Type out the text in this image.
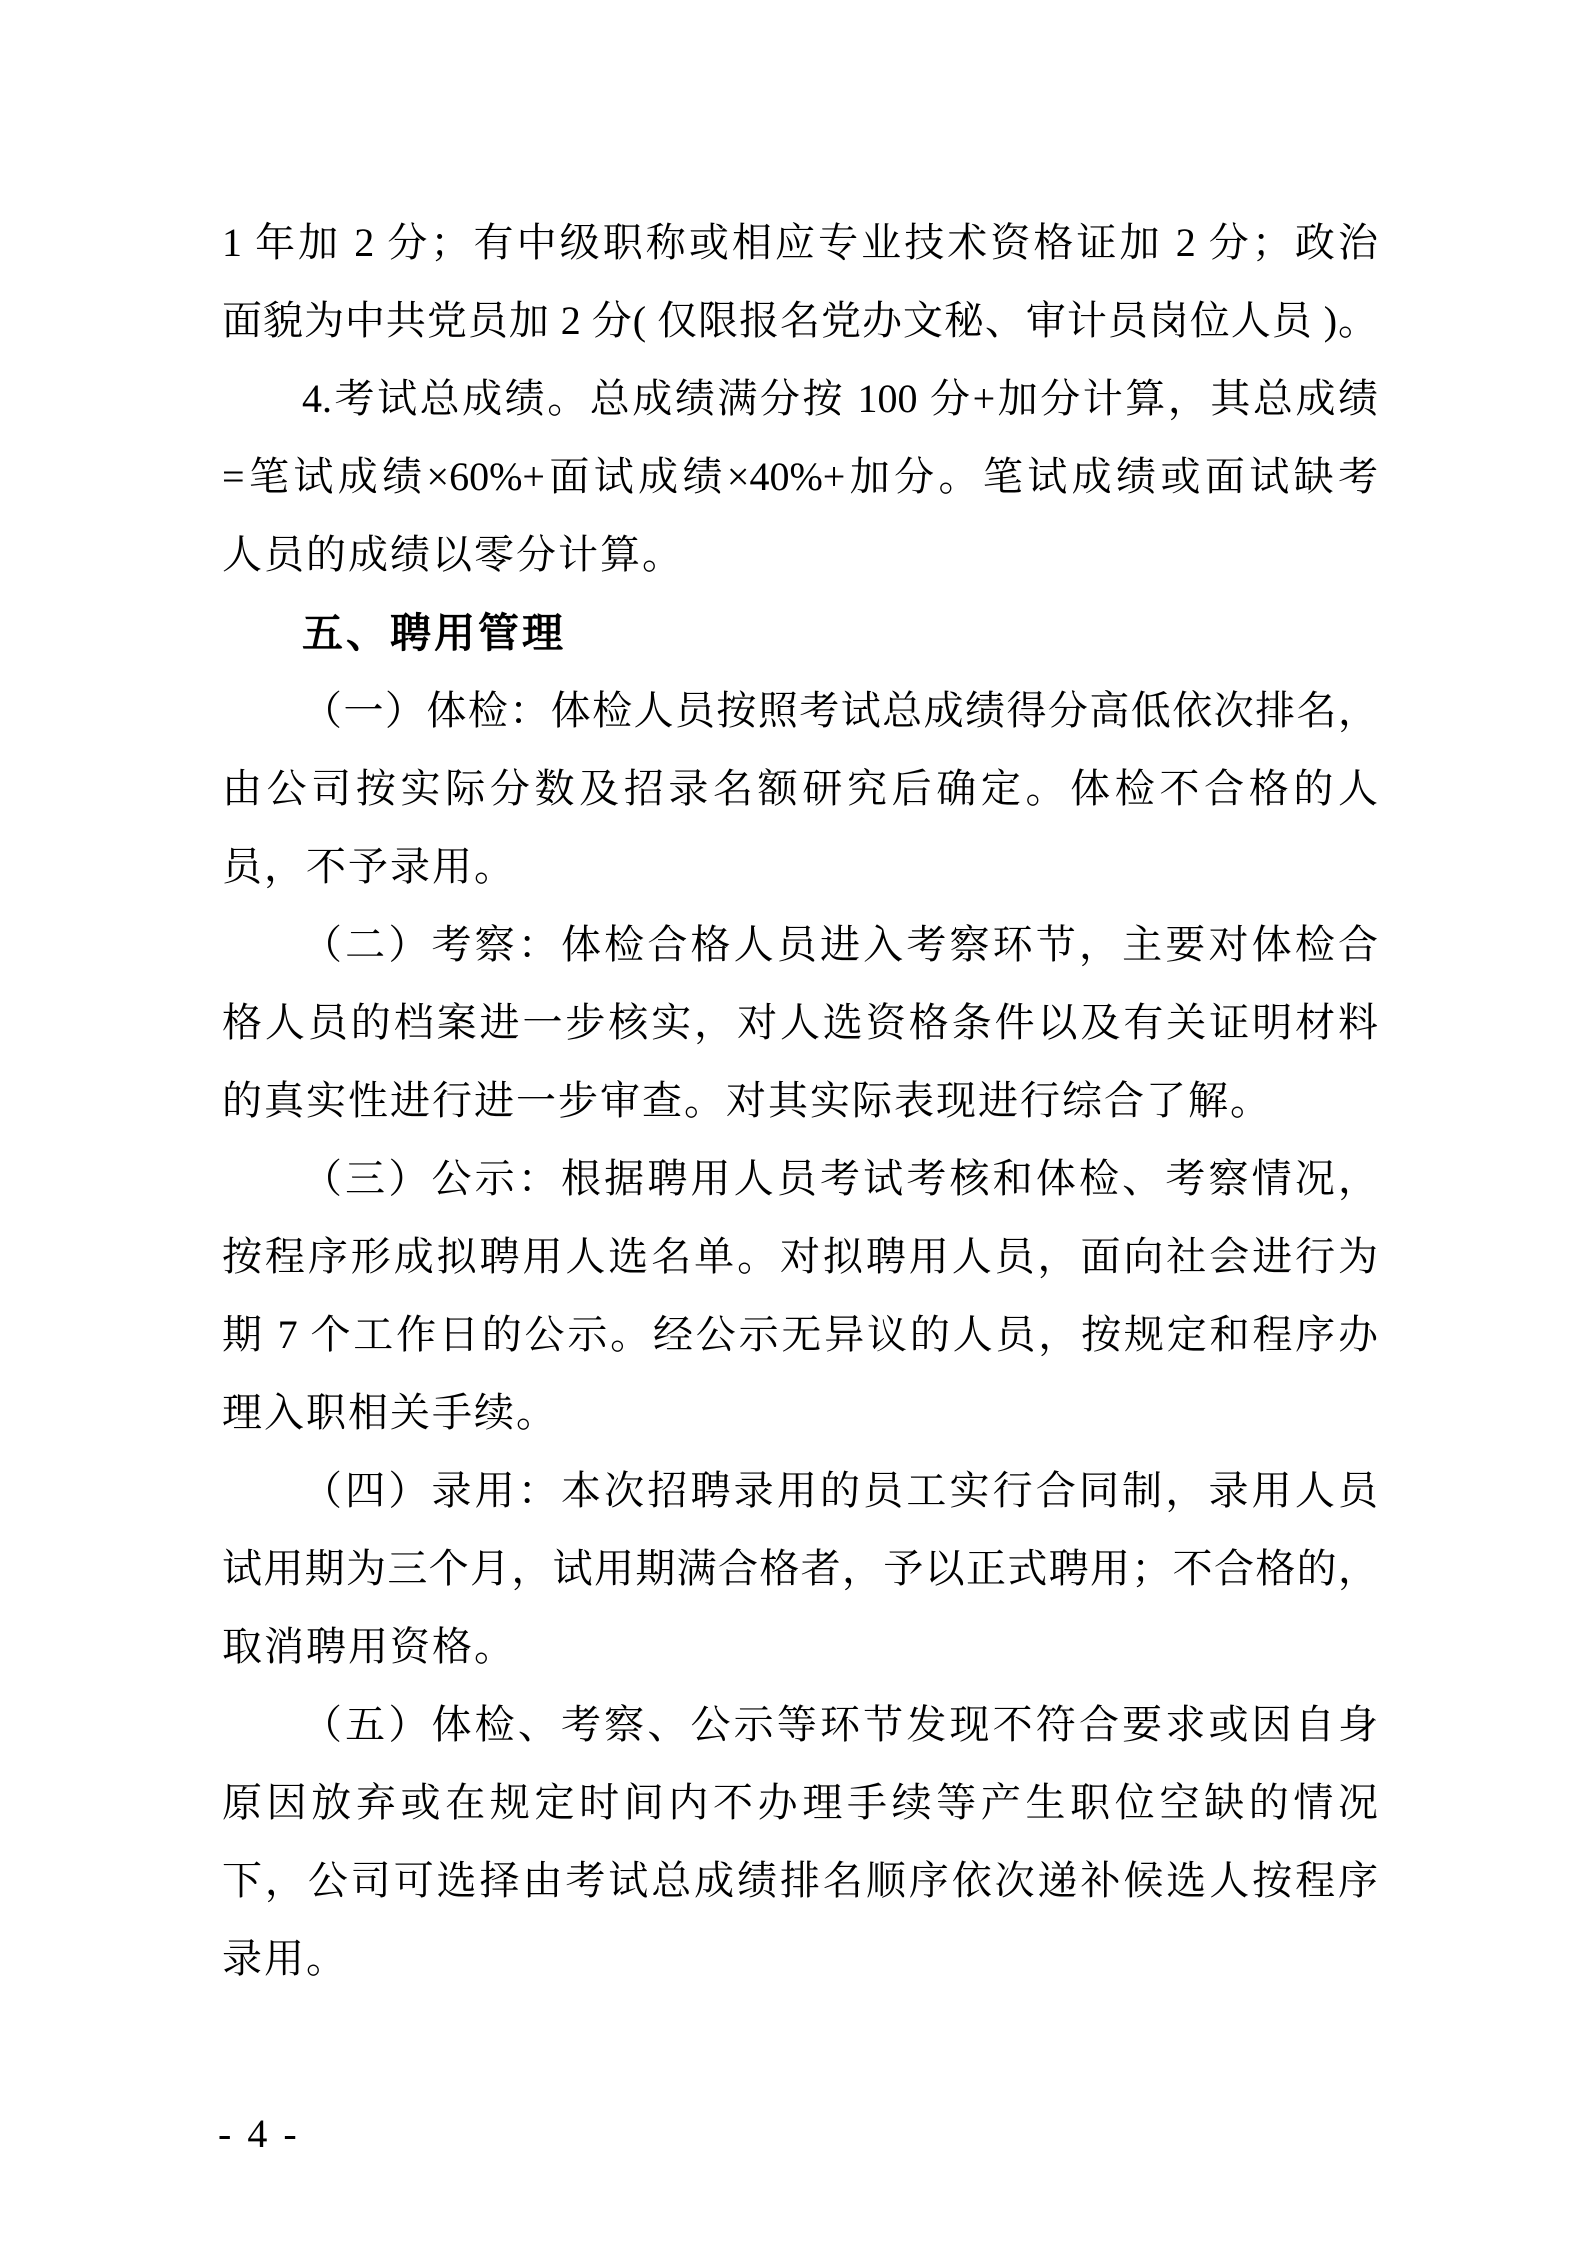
1 年加 2 分；有中级职称或相应专业技术资格证加 2 分；政治
面貌为中共党员加 2 分( 仅限报名党办文秘、审计员岗位人员 )。
4.考试总成绩。总成绩满分按 100 分+加分计算，其总成绩
=笔试成绩×60%+面试成绩×40%+加分。笔试成绩或面试缺考
人员的成绩以零分计算。
五、聘用管理
（一）体检：体检人员按照考试总成绩得分高低依次排名，
由公司按实际分数及招录名额研究后确定。体检不合格的人
员，不予录用。
（二）考察：体检合格人员进入考察环节，主要对体检合
格人员的档案进一步核实，对人选资格条件以及有关证明材料
的真实性进行进一步审查。对其实际表现进行综合了解。
（三）公示：根据聘用人员考试考核和体检、考察情况，
按程序形成拟聘用人选名单。对拟聘用人员，面向社会进行为
期 7 个工作日的公示。经公示无异议的人员，按规定和程序办
理入职相关手续。
（四）录用：本次招聘录用的员工实行合同制，录用人员
试用期为三个月，试用期满合格者，予以正式聘用；不合格的，
取消聘用资格。
（五）体检、考察、公示等环节发现不符合要求或因自身
原因放弃或在规定时间内不办理手续等产生职位空缺的情况
下，公司可选择由考试总成绩排名顺序依次递补候选人按程序
录用。
- 4 -
